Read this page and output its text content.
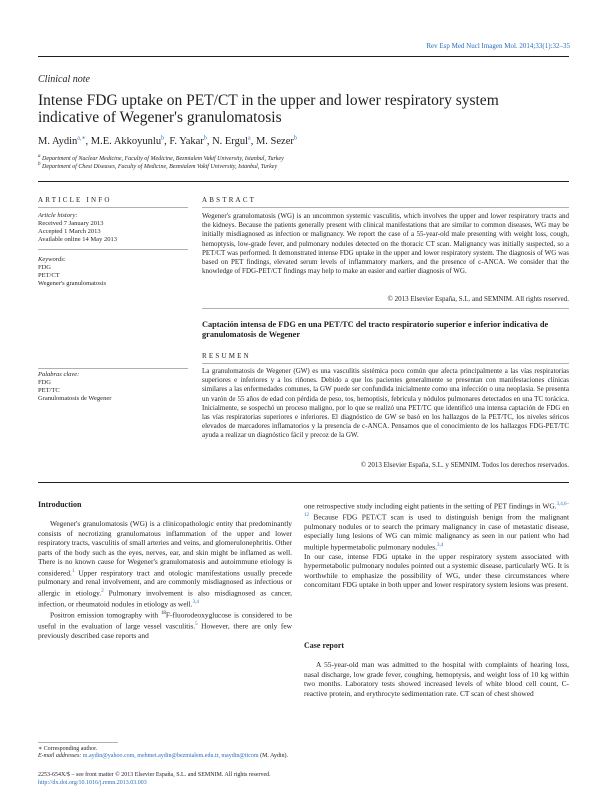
Rev Esp Med Nucl Imagen Mol. 2014;33(1):32–35
Clinical note
Intense FDG uptake on PET/CT in the upper and lower respiratory system indicative of Wegener's granulomatosis
M. Aydin$^{a,∗}$, M.E. Akkoyunlu$^b$, F. Yakar$^b$, N. Ergul$^a$, M. Sezer$^b$
$^a$ Department of Nuclear Medicine, Faculty of Medicine, Bezmialem Vakif University, Istanbul, Turkey
$^b$ Department of Chest Diseases, Faculty of Medicine, Bezmialem Vakif University, Istanbul, Turkey
ARTICLE INFO
Article history:
Received 7 January 2013
Accepted 1 March 2013
Available online 14 May 2013
Keywords:
FDG
PET/CT
Wegener's granulomatosis
Palabras clave:
FDG
PET/TC
Granulomatosis de Wegener
ABSTRACT
Wegener's granulomatosis (WG) is an uncommon systemic vasculitis, which involves the upper and lower respiratory tracts and the kidneys. Because the patients generally present with clinical manifestations that are similar to common diseases, WG may be initially misdiagnosed as infection or malignancy. We report the case of a 55-year-old male presenting with weight loss, cough, hemoptysis, low-grade fever, and pulmonary nodules detected on the thoracic CT scan. Malignancy was initially suspected, so a PET/CT was performed. It demonstrated intense FDG uptake in the upper and lower respiratory system. The diagnosis of WG was based on PET findings, elevated serum levels of inflammatory markers, and the presence of c-ANCA. We consider that the knowledge of FDG-PET/CT findings may help to make an easier and earlier diagnosis of WG.
© 2013 Elsevier España, S.L. and SEMNIM. All rights reserved.
Captación intensa de FDG en una PET/TC del tracto respiratorio superior e inferior indicativa de granulomatosis de Wegener
RESUMEN
La granulomatosis de Wegener (GW) es una vasculitis sistémica poco común que afecta principalmente a las vías respiratorias superiores e inferiores y a los riñones. Debido a que los pacientes generalmente se presentan con manifestaciones clínicas similares a las enfermedades comunes, la GW puede ser confundida inicialmente como una infección o una neoplasia. Se presenta un varón de 55 años de edad con pérdida de peso, tos, hemoptisis, febrícula y nódulos pulmonares detectados en una TC torácica. Inicialmente, se sospechó un proceso maligno, por lo que se realizó una PET/TC que identificó una intensa captación de FDG en las vías respiratorias superiores e inferiores. El diagnóstico de GW se basó en los hallazgos de la PET/TC, los niveles séricos elevados de marcadores inflamatorios y la presencia de c-ANCA. Pensamos que el conocimiento de los hallazgos FDG-PET/TC ayuda a realizar un diagnóstico fácil y precoz de la GW.
© 2013 Elsevier España, S.L. y SEMNIM. Todos los derechos reservados.
Introduction

Wegener's granulomatosis (WG) is a clinicopathologic entity that predominantly consists of necrotizing granulomatous inflammation of the upper and lower respiratory tracts, vasculitis of small arteries and veins, and glomerulonephritis. Other parts of the body such as the eyes, nerves, ear, and skin might be inflamed as well. There is no known cause for Wegener's granulomatosis and autoimmune etiology is considered.$^1$ Upper respiratory tract and otologic manifestations usually precede pulmonary and renal involvement, and are commonly misdiagnosed as infectious or allergic in etiology.$^2$ Pulmonary involvement is also misdiagnosed as cancer, infection, or rheumatoid nodules in etiology as well.$^{3,4}$

Positron emission tomography with $^{18}$F-fluorodeoxyglucose is considered to be useful in the evaluation of large vessel vasculitis.$^5$ However, there are only few previously described case reports and

one retrospective study including eight patients in the setting of PET findings in WG.$^{3,4,6-12}$ Because FDG PET/CT scan is used to distinguish benign from the malignant pulmonary nodules or to search the primary malignancy in case of metastatic disease, especially lung lesions of WG can mimic malignancy as seen in our patient who had multiple hypermetabolic pulmonary nodules.$^{3,4}$

In our case, intense FDG uptake in the upper respiratory system associated with hypermetabolic pulmonary nodules pointed out a systemic disease, particularly WG. It is worthwhile to emphasize the possibility of WG, under these circumstances where concomitant FDG uptake in both upper and lower respiratory system lesions was present.

Case report

A 55-year-old man was admitted to the hospital with complaints of hearing loss, nasal discharge, low grade fever, coughing, hemoptysis, and weight loss of 10 kg within two months. Laboratory tests showed increased levels of white blood cell count, C-reactive protein, and erythrocyte sedimentation rate. CT scan of chest showed

∗ Corresponding author.
E-mail addresses: m.aydin@yahoo.com, mehmet.aydin@bezmialem.edu.tr, maydin@ttcom (M. Aydin).
2253-654X/$ – see front matter © 2013 Elsevier España, S.L. and SEMNIM. All rights reserved.
http://dx.doi.org/10.1016/j.remn.2013.03.003
